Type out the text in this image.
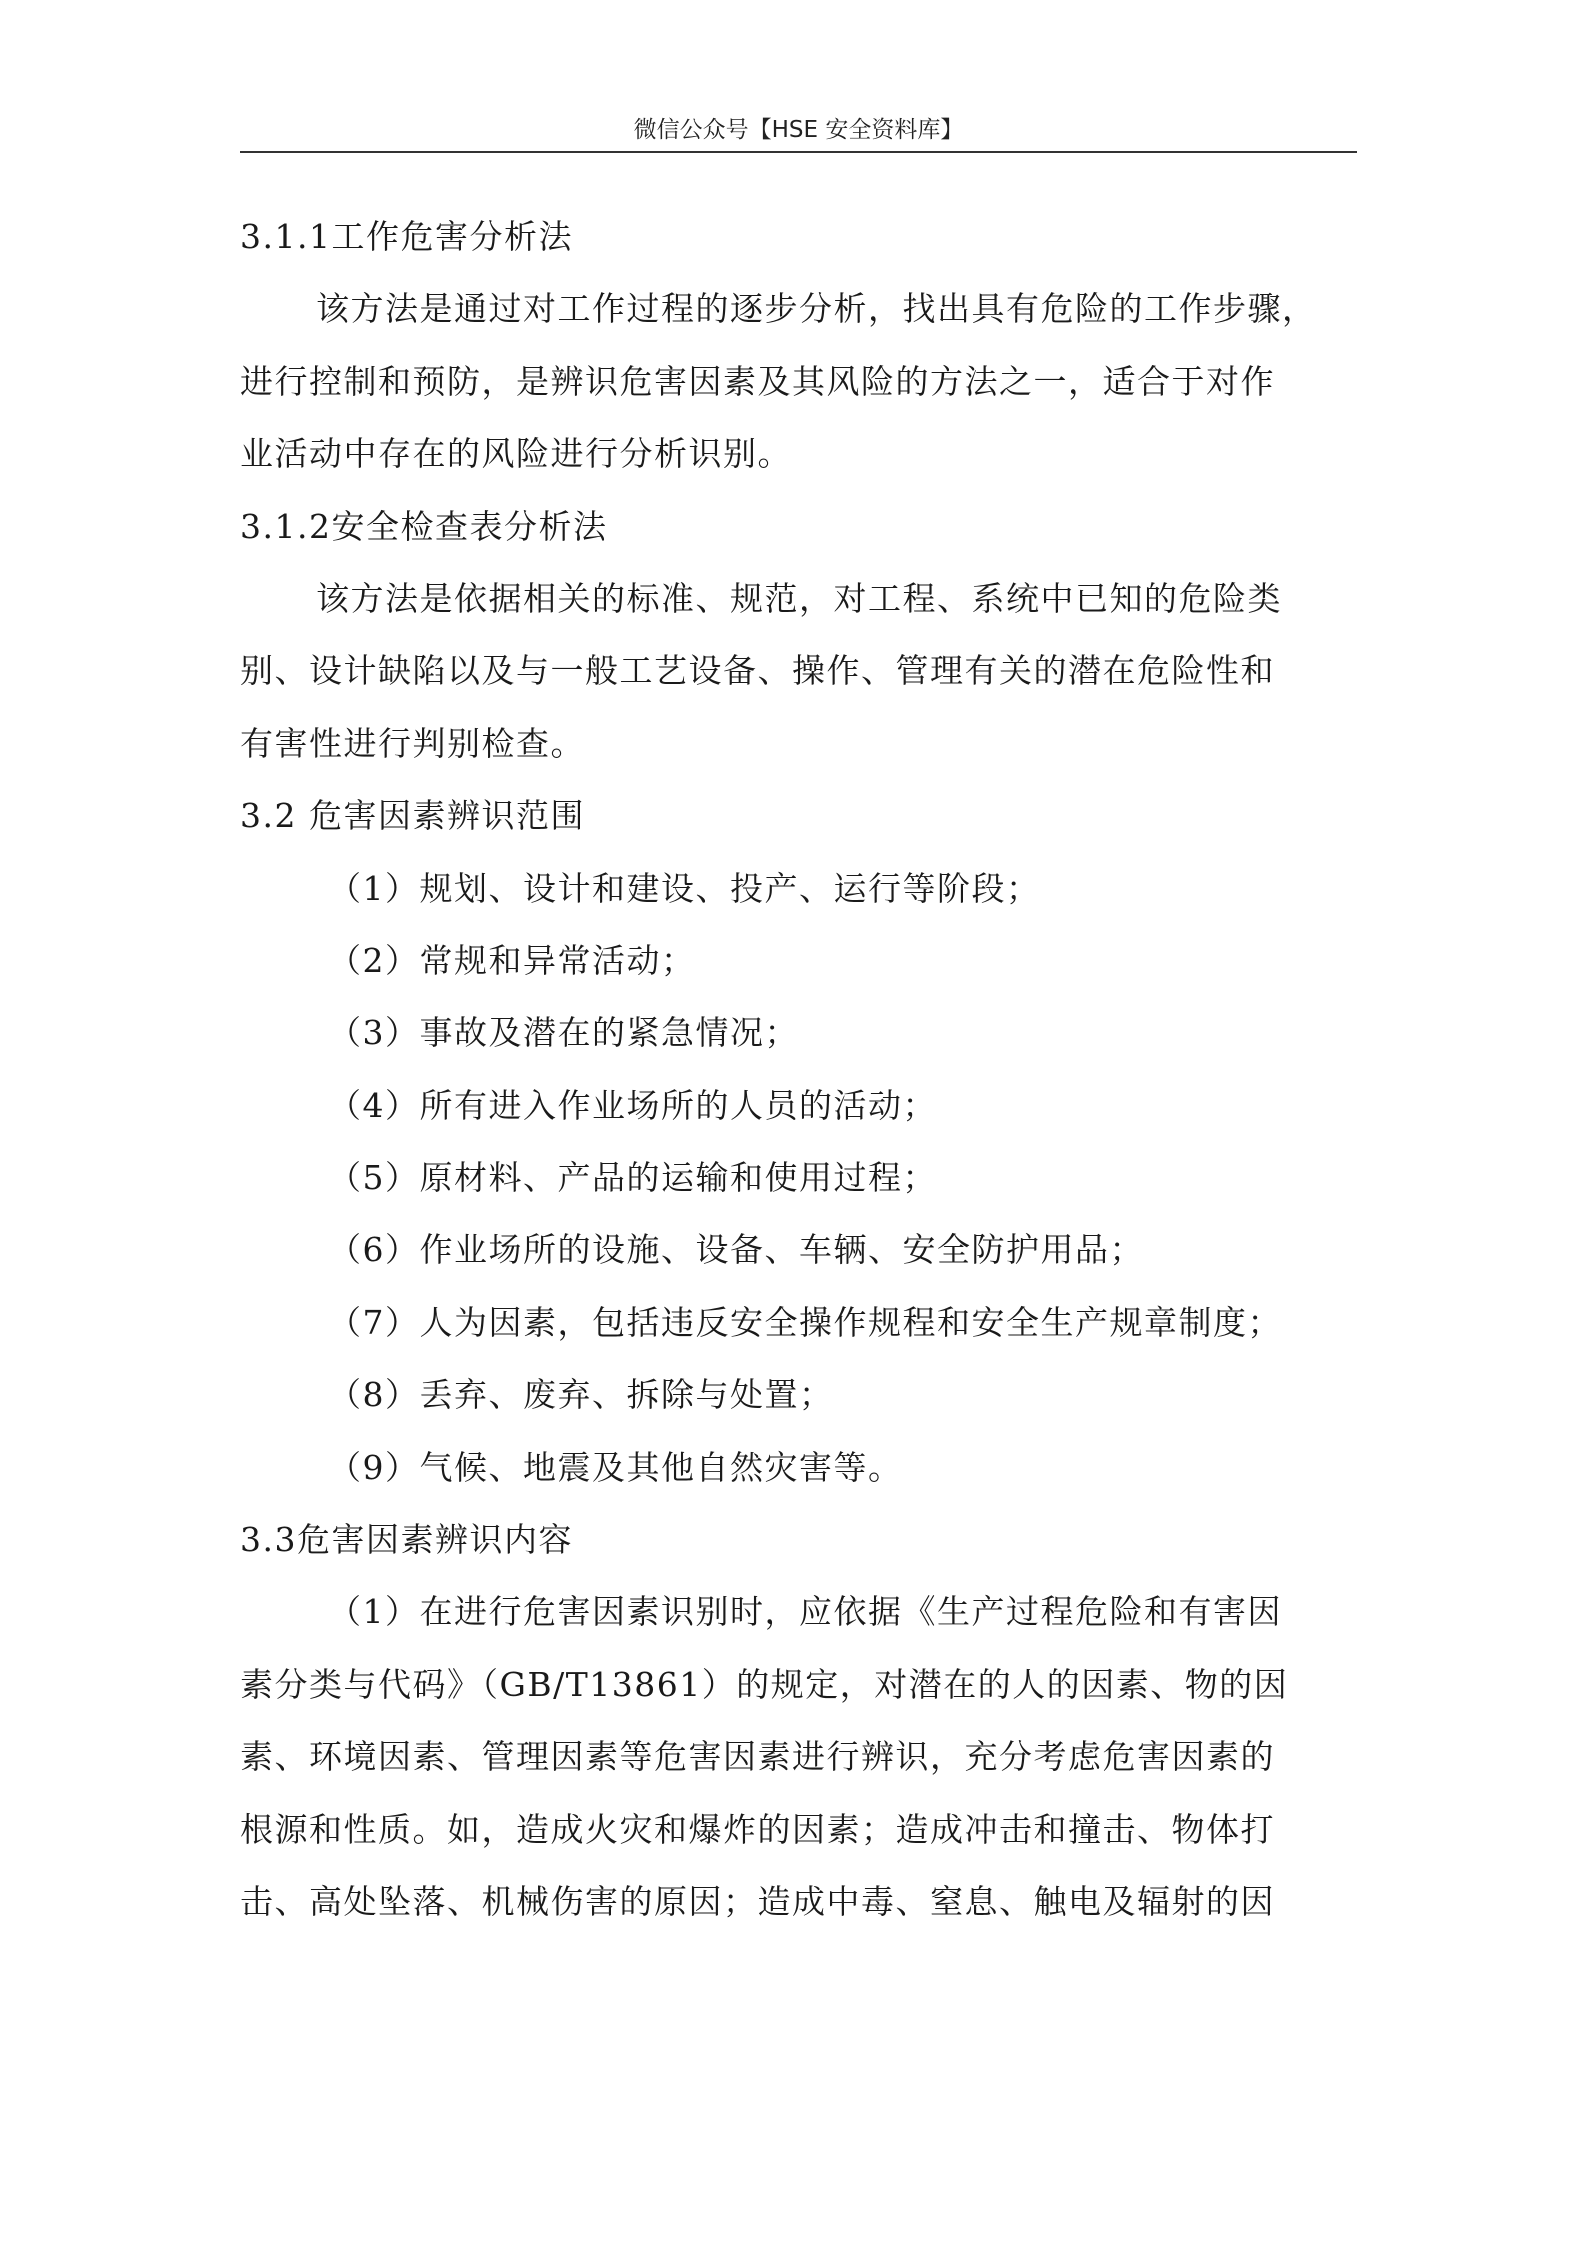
微信公众号【HSE 安全资料库】
3.1.1工作危害分析法
该方法是通过对工作过程的逐步分析，找出具有危险的工作步骤，
进行控制和预防，是辨识危害因素及其风险的方法之一，适合于对作
业活动中存在的风险进行分析识别。
3.1.2安全检查表分析法
该方法是依据相关的标准、规范，对工程、系统中已知的危险类
别、设计缺陷以及与一般工艺设备、操作、管理有关的潜在危险性和
有害性进行判别检查。
3.2 危害因素辨识范围
（1）规划、设计和建设、投产、运行等阶段；
（2）常规和异常活动；
（3）事故及潜在的紧急情况；
（4）所有进入作业场所的人员的活动；
（5）原材料、产品的运输和使用过程；
（6）作业场所的设施、设备、车辆、安全防护用品；
（7）人为因素，包括违反安全操作规程和安全生产规章制度；
（8）丢弃、废弃、拆除与处置；
（9）气候、地震及其他自然灾害等。
3.3危害因素辨识内容
（1）在进行危害因素识别时，应依据《生产过程危险和有害因
素分类与代码》（GB/T13861）的规定，对潜在的人的因素、物的因
素、环境因素、管理因素等危害因素进行辨识，充分考虑危害因素的
根源和性质。如，造成火灾和爆炸的因素；造成冲击和撞击、物体打
击、高处坠落、机械伤害的原因；造成中毒、窒息、触电及辐射的因
